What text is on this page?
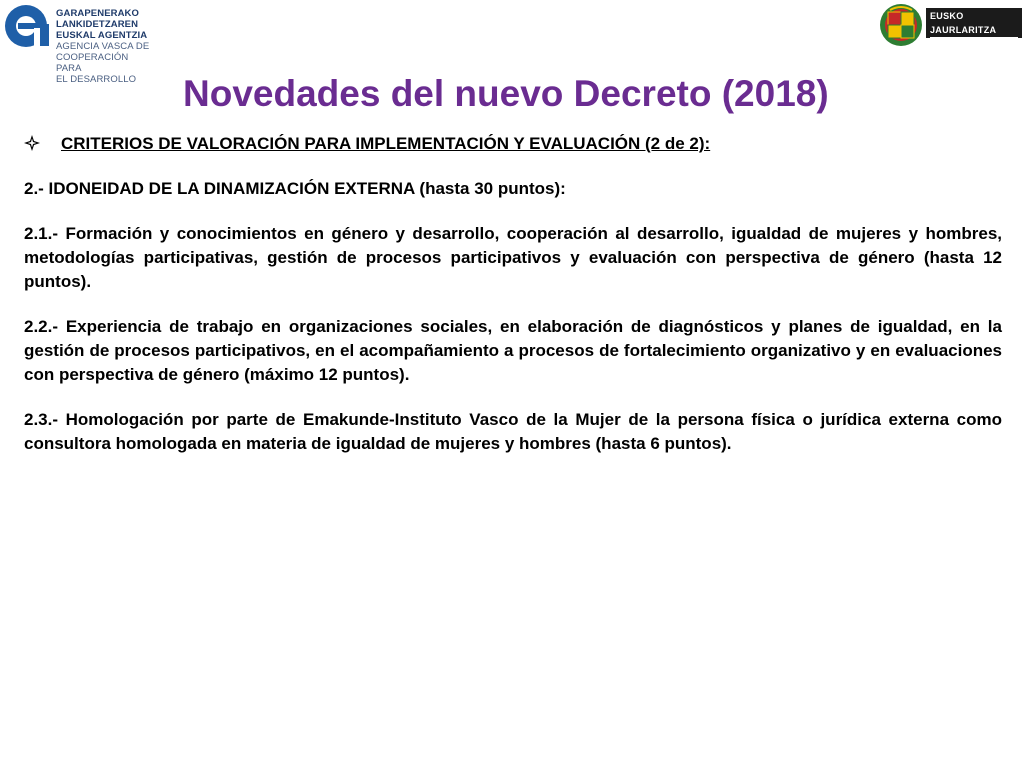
GARAPENERAKO
LANKIDETZAREN
EUSKAL AGENTZIA
AGENCIA VASCA DE
COOPERACIÓN PARA
EL DESARROLLO
EUSKO JAURLARITZA
GOBIERNO VASCO
Novedades del nuevo Decreto (2018)
CRITERIOS DE VALORACIÓN PARA IMPLEMENTACIÓN Y EVALUACIÓN (2 de 2):

2.- IDONEIDAD DE LA DINAMIZACIÓN EXTERNA (hasta 30 puntos):

2.1.- Formación y conocimientos en género y desarrollo, cooperación al desarrollo, igualdad de mujeres y hombres, metodologías participativas, gestión de procesos participativos y evaluación con perspectiva de género (hasta 12 puntos).

2.2.- Experiencia de trabajo en organizaciones sociales, en elaboración de diagnósticos y planes de igualdad, en la gestión de procesos participativos, en el acompañamiento a procesos de fortalecimiento organizativo y en evaluaciones con perspectiva de género (máximo 12 puntos).

2.3.- Homologación por parte de Emakunde-Instituto Vasco de la Mujer de la persona física o jurídica externa como consultora homologada en materia de igualdad de mujeres y hombres (hasta 6 puntos).
